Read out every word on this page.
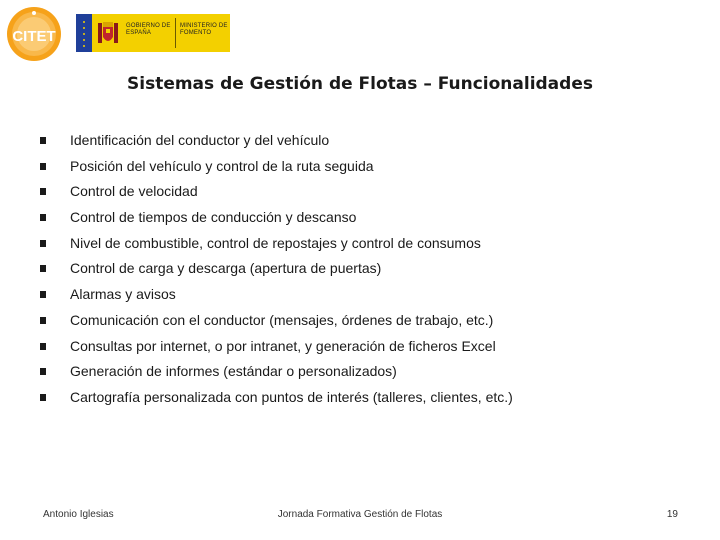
CITET
GOBIERNO DE ESPAÑA
MINISTERIO DE FOMENTO
Sistemas de Gestión de Flotas – Funcionalidades
Identificación del conductor y del vehículo
Posición del vehículo y control de la ruta seguida
Control de velocidad
Control de tiempos de conducción y descanso
Nivel de combustible, control de repostajes y control de consumos
Control de carga y descarga (apertura de puertas)
Alarmas y avisos
Comunicación con el conductor (mensajes, órdenes de trabajo, etc.)
Consultas por internet, o por intranet, y generación de ficheros Excel
Generación de informes (estándar o personalizados)
Cartografía personalizada con puntos de interés (talleres, clientes, etc.)
Antonio Iglesias	Jornada Formativa Gestión de Flotas	19
